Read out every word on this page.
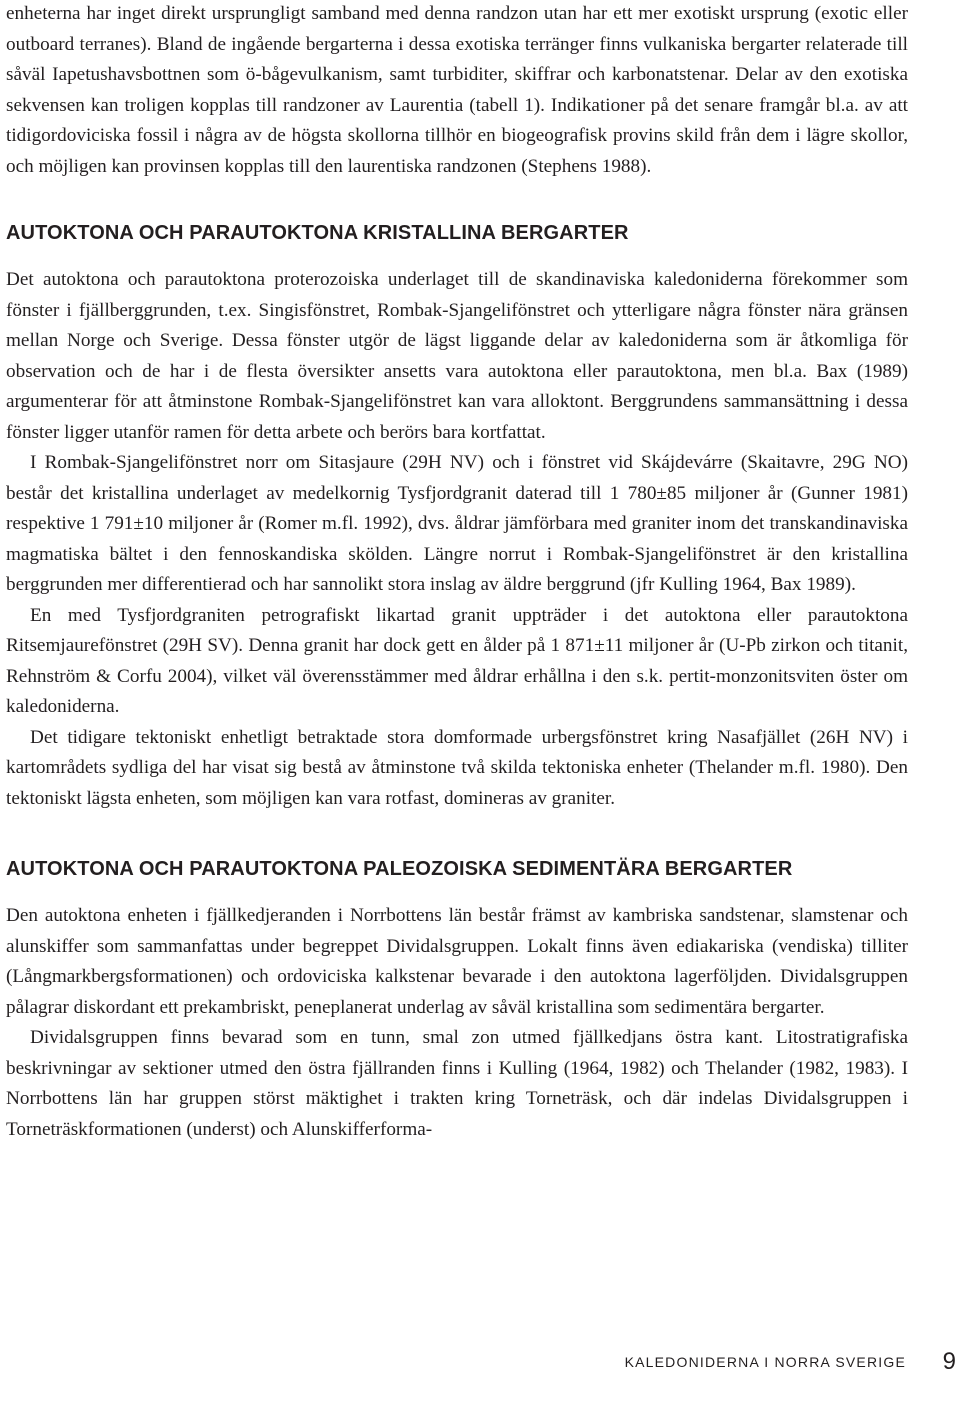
enheterna har inget direkt ursprungligt samband med denna randzon utan har ett mer exotiskt ursprung (exotic eller outboard terranes). Bland de ingående bergarterna i dessa exotiska terränger finns vulkaniska bergarter relaterade till såväl Iapetushavsbottnen som ö-bågevulkanism, samt turbiditer, skiffrar och karbonatstenar. Delar av den exotiska sekvensen kan troligen kopplas till randzoner av Laurentia (tabell 1). Indikationer på det senare framgår bl.a. av att tidigordoviciska fossil i några av de högsta skollorna tillhör en biogeografisk provins skild från dem i lägre skollor, och möjligen kan provinsen kopplas till den laurentiska randzonen (Stephens 1988).

AUTOKTONA OCH PARAUTOKTONA KRISTALLINA BERGARTER

Det autoktona och parautoktona proterozoiska underlaget till de skandinaviska kaledoniderna förekommer som fönster i fjällberggrunden, t.ex. Singisfönstret, Rombak-Sjangelifönstret och ytterligare några fönster nära gränsen mellan Norge och Sverige. Dessa fönster utgör de lägst liggande delar av kaledoniderna som är åtkomliga för observation och de har i de flesta översikter ansetts vara autoktona eller parautoktona, men bl.a. Bax (1989) argumenterar för att åtminstone Rombak-Sjangelifönstret kan vara alloktont. Berggrundens sammansättning i dessa fönster ligger utanför ramen för detta arbete och berörs bara kortfattat.

I Rombak-Sjangelifönstret norr om Sitasjaure (29H NV) och i fönstret vid Skájdevárre (Skaitavre, 29G NO) består det kristallina underlaget av medelkornig Tysfjordgranit daterad till 1 780±85 miljoner år (Gunner 1981) respektive 1 791±10 miljoner år (Romer m.fl. 1992), dvs. åldrar jämförbara med graniter inom det transkandinaviska magmatiska bältet i den fennoskandiska skölden. Längre norrut i Rombak-Sjangelifönstret är den kristallina berggrunden mer differentierad och har sannolikt stora inslag av äldre berggrund (jfr Kulling 1964, Bax 1989).

En med Tysfjordgraniten petrografiskt likartad granit uppträder i det autoktona eller parautoktona Ritsemjaurefönstret (29H SV). Denna granit har dock gett en ålder på 1 871±11 miljoner år (U-Pb zirkon och titanit, Rehnström & Corfu 2004), vilket väl överensstämmer med åldrar erhållna i den s.k. pertit-monzonitsviten öster om kaledoniderna.

Det tidigare tektoniskt enhetligt betraktade stora domformade urbergsfönstret kring Nasafjället (26H NV) i kartområdets sydliga del har visat sig bestå av åtminstone två skilda tektoniska enheter (Thelander m.fl. 1980). Den tektoniskt lägsta enheten, som möjligen kan vara rotfast, domineras av graniter.

AUTOKTONA OCH PARAUTOKTONA PALEOZOISKA SEDIMENTÄRA BERGARTER

Den autoktona enheten i fjällkedjeranden i Norrbottens län består främst av kambriska sandstenar, slamstenar och alunskiffer som sammanfattas under begreppet Dividalsgruppen. Lokalt finns även ediakariska (vendiska) tilliter (Långmarkbergsformationen) och ordoviciska kalkstenar bevarade i den autoktona lagerföljden. Dividalsgruppen pålagrar diskordant ett prekambriskt, peneplanerat underlag av såväl kristallina som sedimentära bergarter.

Dividalsgruppen finns bevarad som en tunn, smal zon utmed fjällkedjans östra kant. Litostratigrafiska beskrivningar av sektioner utmed den östra fjällranden finns i Kulling (1964, 1982) och Thelander (1982, 1983). I Norrbottens län har gruppen störst mäktighet i trakten kring Torneträsk, och där indelas Dividalsgruppen i Torneträskformationen (underst) och Alunskifferforma-

KALEDONIDERNA I NORRA SVERIGE 9
